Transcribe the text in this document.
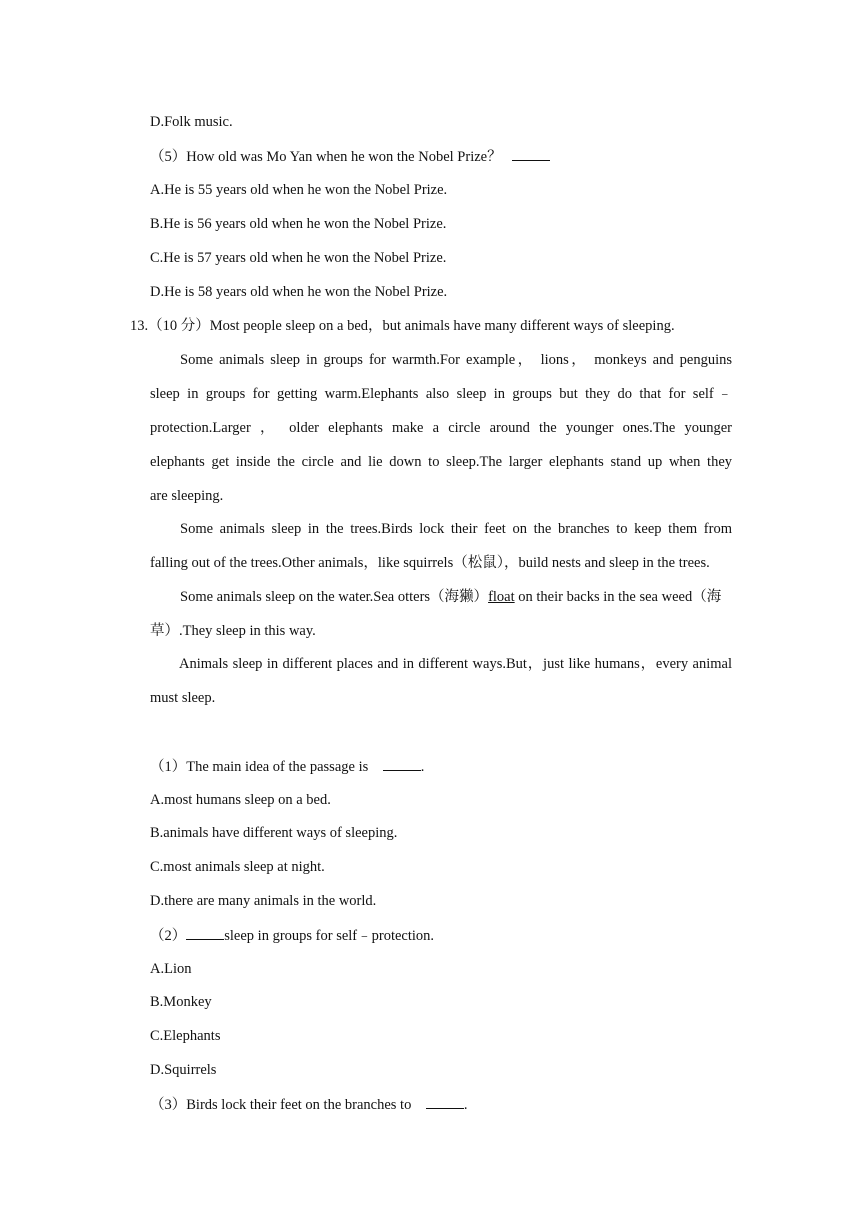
D.Folk music.
（5）How old was Mo Yan when he won the Nobel Prize？
A.He is 55 years old when he won the Nobel Prize.
B.He is 56 years old when he won the Nobel Prize.
C.He is 57 years old when he won the Nobel Prize.
D.He is 58 years old when he won the Nobel Prize.
13.（10 分）Most people sleep on a bed，but animals have many different ways of sleeping.
Some animals sleep in groups for warmth.For example， lions， monkeys and penguins
sleep in groups for getting warm.Elephants also sleep in groups but they do that for self﹣
protection.Larger ， older elephants make a circle around the younger ones.The younger
elephants get inside the circle and lie down to sleep.The larger elephants stand up when they
are sleeping.
Some animals sleep in the trees.Birds lock their feet on the branches to keep them from
falling out of the trees.Other animals，like squirrels（松鼠），build nests and sleep in the trees.
Some animals sleep on the water.Sea otters（海獭）float on their backs in the sea weed（海
草）.They sleep in this way.
Animals sleep in different places and in different ways.But，just like humans，every animal
must sleep.
（1）The main idea of the passage is	.
A.most humans sleep on a bed.
B.animals have different ways of sleeping.
C.most animals sleep at night.
D.there are many animals in the world.
（2）	sleep in groups for self﹣protection.
A.Lion
B.Monkey
C.Elephants
D.Squirrels
（3）Birds lock their feet on the branches to	.
